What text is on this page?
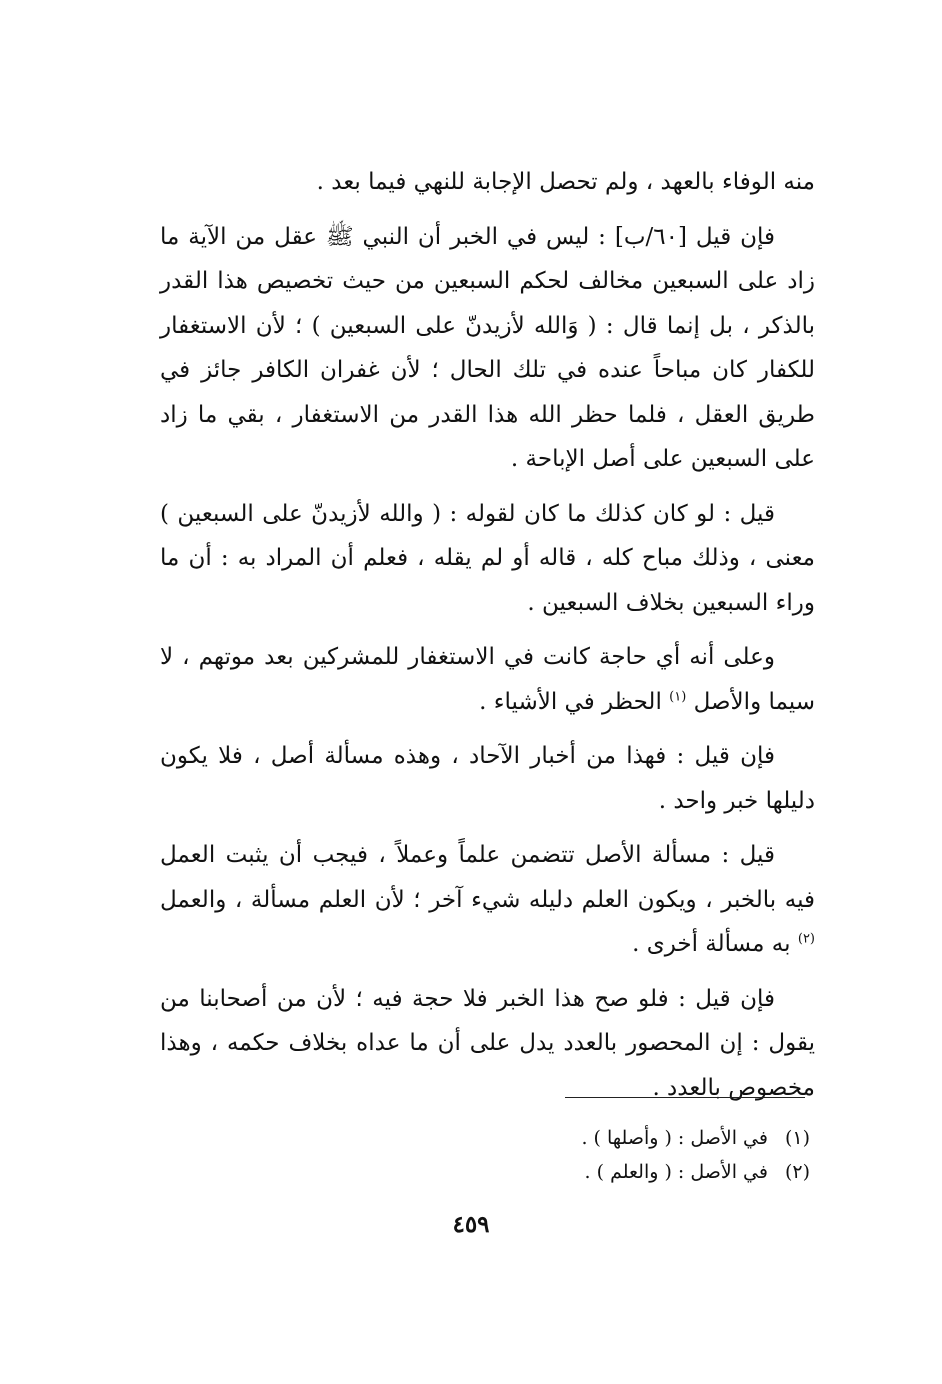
منه الوفاء بالعهد ، ولم تحصل الإجابة للنهي فيما بعد .

فإن قيل [٦٠/ب] : ليس في الخبر أن النبي ﷺ عقل من الآية ما زاد على السبعين مخالف لحكم السبعين من حيث تخصيص هذا القدر بالذكر ، بل إنما قال : ( وَالله لأزيدنّ على السبعين ) ؛ لأن الاستغفار للكفار كان مباحاً عنده في تلك الحال ؛ لأن غفران الكافر جائز في طريق العقل ، فلما حظر الله هذا القدر من الاستغفار ، بقي ما زاد على السبعين على أصل الإباحة .

قيل : لو كان كذلك ما كان لقوله : ( والله لأزيدنّ على السبعين ) معنى ، وذلك مباح كله ، قاله أو لم يقله ، فعلم أن المراد به : أن ما وراء السبعين بخلاف السبعين .

وعلى أنه أي حاجة كانت في الاستغفار للمشركين بعد موتهم ، لا سيما والأصل $^{(١)}$ الحظر في الأشياء .

فإن قيل : فهذا من أخبار الآحاد ، وهذه مسألة أصل ، فلا يكون دليلها خبر واحد .

قيل : مسألة الأصل تتضمن علماً وعملاً ، فيجب أن يثبت العمل فيه بالخبر ، ويكون العلم دليله شيء آخر ؛ لأن العلم مسألة ، والعمل $^{(٢)}$ به مسألة أخرى .

فإن قيل : فلو صح هذا الخبر فلا حجة فيه ؛ لأن من أصحابنا من يقول : إن المحصور بالعدد يدل على أن ما عداه بخلاف حكمه ، وهذا مخصوص بالعدد .

(١) في الأصل : ( وأصلها ) .
(٢) في الأصل : ( والعلم ) .
٤٥٩
